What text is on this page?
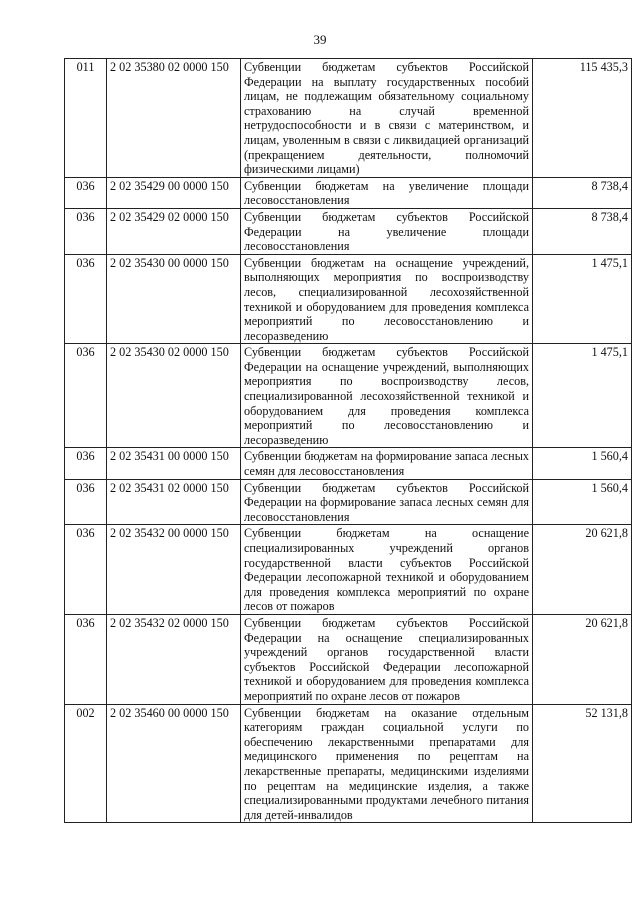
39
011	2 02 35380 02 0000 150	Субвенции бюджетам субъектов Российской Федерации на выплату государственных пособий лицам, не подлежащим обязательному социальному страхованию на случай временной нетрудоспособности и в связи с материнством, и лицам, уволенным в связи с ликвидацией организаций (прекращением деятельности, полномочий физическими лицами)	115 435,3
036	2 02 35429 00 0000 150	Субвенции бюджетам на увеличение площади лесовосстановления	8 738,4
036	2 02 35429 02 0000 150	Субвенции бюджетам субъектов Российской Федерации на увеличение площади лесовосстановления	8 738,4
036	2 02 35430 00 0000 150	Субвенции бюджетам на оснащение учреждений, выполняющих мероприятия по воспроизводству лесов, специализированной лесохозяйственной техникой и оборудованием для проведения комплекса мероприятий по лесовосстановлению и лесоразведению	1 475,1
036	2 02 35430 02 0000 150	Субвенции бюджетам субъектов Российской Федерации на оснащение учреждений, выполняющих мероприятия по воспроизводству лесов, специализированной лесохозяйственной техникой и оборудованием для проведения комплекса мероприятий по лесовосстановлению и лесоразведению	1 475,1
036	2 02 35431 00 0000 150	Субвенции бюджетам на формирование запаса лесных семян для лесовосстановления	1 560,4
036	2 02 35431 02 0000 150	Субвенции бюджетам субъектов Российской Федерации на формирование запаса лесных семян для лесовосстановления	1 560,4
036	2 02 35432 00 0000 150	Субвенции бюджетам на оснащение специализированных учреждений органов государственной власти субъектов Российской Федерации лесопожарной техникой и оборудованием для проведения комплекса мероприятий по охране лесов от пожаров	20 621,8
036	2 02 35432 02 0000 150	Субвенции бюджетам субъектов Российской Федерации на оснащение специализированных учреждений органов государственной власти субъектов Российской Федерации лесопожарной техникой и оборудованием для проведения комплекса мероприятий по охране лесов от пожаров	20 621,8
002	2 02 35460 00 0000 150	Субвенции бюджетам на оказание отдельным категориям граждан социальной услуги по обеспечению лекарственными препаратами для медицинского применения по рецептам на лекарственные препараты, медицинскими изделиями по рецептам на медицинские изделия, а также специализированными продуктами лечебного питания для детей-инвалидов	52 131,8
